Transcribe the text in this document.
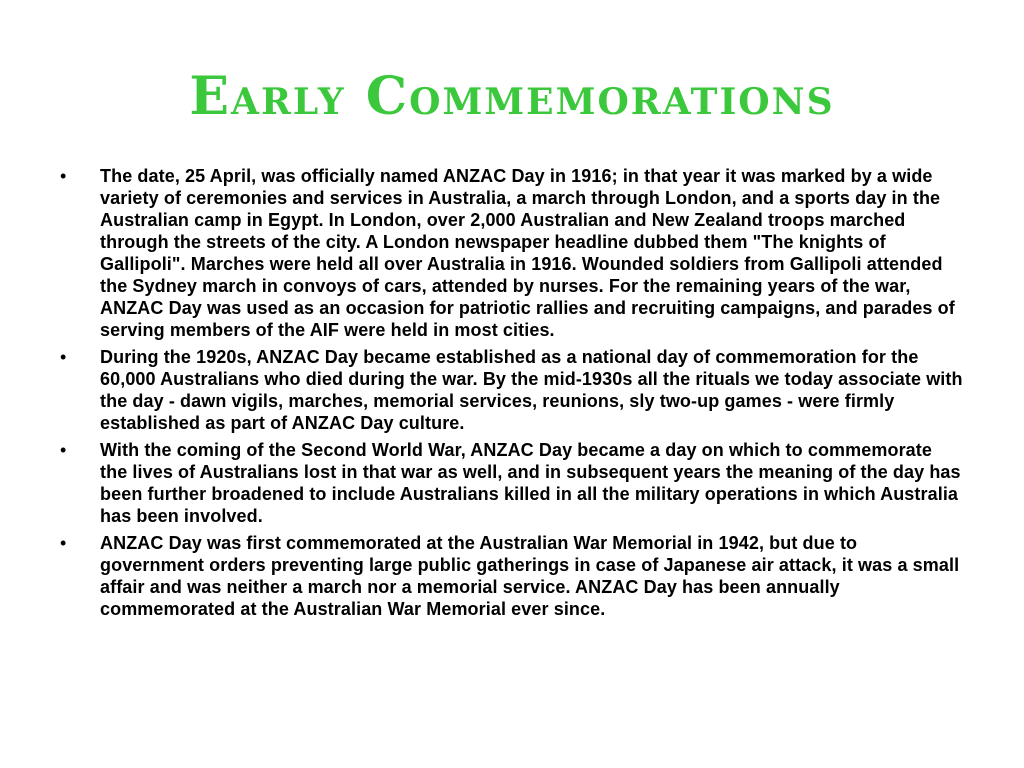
Early Commemorations
•	The date, 25 April, was officially named ANZAC Day in 1916; in that year it was marked by a wide variety of ceremonies and services in Australia, a march through London, and a sports day in the Australian camp in Egypt. In London, over 2,000 Australian and New Zealand troops marched through the streets of the city. A London newspaper headline dubbed them "The knights of Gallipoli". Marches were held all over Australia in 1916. Wounded soldiers from Gallipoli attended the Sydney march in convoys of cars, attended by nurses. For the remaining years of the war, ANZAC Day was used as an occasion for patriotic rallies and recruiting campaigns, and parades of serving members of the AIF were held in most cities.
•	During the 1920s, ANZAC Day became established as a national day of commemoration for the 60,000 Australians who died during the war. By the mid-1930s all the rituals we today associate with the day - dawn vigils, marches, memorial services, reunions, sly two-up games - were firmly established as part of ANZAC Day culture.
•	With the coming of the Second World War, ANZAC Day became a day on which to commemorate the lives of Australians lost in that war as well, and in subsequent years the meaning of the day has been further broadened to include Australians killed in all the military operations in which Australia has been involved.
•	ANZAC Day was first commemorated at the Australian War Memorial in 1942, but due to government orders preventing large public gatherings in case of Japanese air attack, it was a small affair and was neither a march nor a memorial service. ANZAC Day has been annually commemorated at the Australian War Memorial ever since.
